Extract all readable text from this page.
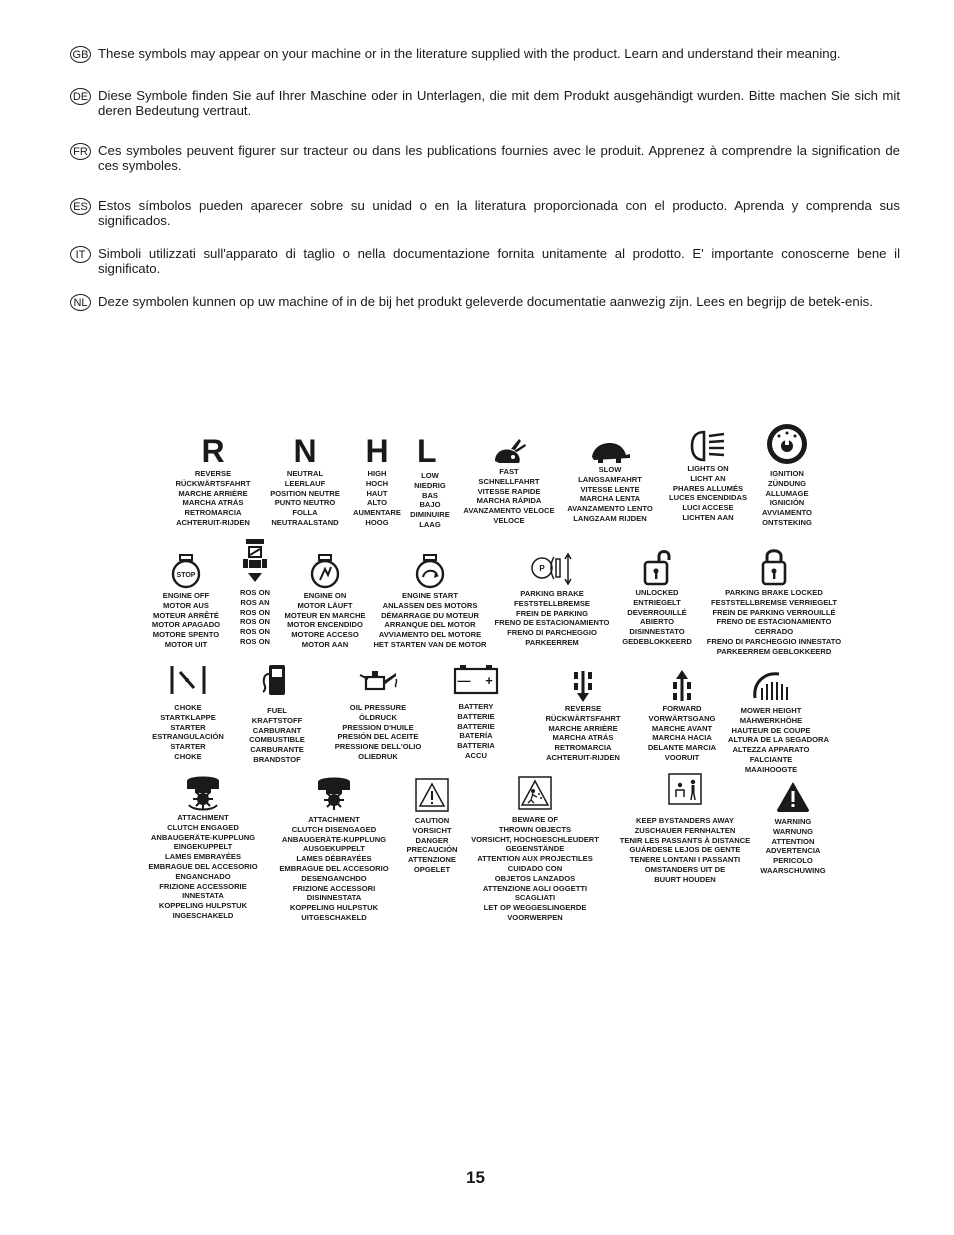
GB These symbols may appear on your machine or in the literature supplied with the product. Learn and understand their meaning.

DE Diese Symbole finden Sie auf Ihrer Maschine oder in Unterlagen, die mit dem Produkt ausgehändigt wurden. Bitte machen Sie sich mit deren Bedeutung vertraut.

FR Ces symboles peuvent figurer sur tracteur ou dans les publications fournies avec le produit. Apprenez à comprendre la signification de ces symboles.

ES Estos símbolos pueden aparecer sobre su unidad o en la literatura proporcionada con el producto. Aprenda y comprenda sus significados.

IT Simboli utilizzati sull'apparato di taglio o nella documentazione fornita unitamente al prodotto. E' importante conoscerne bene il significato.

NL Deze symbolen kunnen op uw machine of in de bij het produkt geleverde documentatie aanwezig zijn. Lees en begrijp de betek-enis.

R
REVERSE
RÜCKWÄRTSFAHRT
MARCHE ARRIÈRE
MARCHA ATRÁS
RETROMARCIA
ACHTERUIT-RIJDEN
N
NEUTRAL
LEERLAUF
POSITION NEUTRE
PUNTO NEUTRO
FOLLA
NEUTRAALSTAND
H
HIGH
HOCH
HAUT
ALTO
AUMENTARE
HOOG
L
LOW
NIEDRIG
BAS
BAJO
DIMINUIRE
LAAG
FAST
SCHNELLFAHRT
VITESSE RAPIDE
MARCHA RÁPIDA
AVANZAMENTO VELOCE
VELOCE
SLOW
LANGSAMFAHRT
VITESSE LENTE
MARCHA LENTA
AVANZAMENTO LENTO
LANGZAAM RIJDEN
LIGHTS ON
LICHT AN
PHARES ALLUMÉS
LUCES ENCENDIDAS
LUCI ACCESE
LICHTEN AAN
IGNITION
ZÜNDUNG
ALLUMAGE
IGNICIÓN
AVVIAMENTO
ONTSTEKING
STOP
ENGINE OFF
MOTOR AUS
MOTEUR ARRÊTÉ
MOTOR APAGADO
MOTORE SPENTO
MOTOR UIT
ROS ON
ROS AN
ROS ON
ROS ON
ROS ON
ROS ON
ENGINE ON
MOTOR LÄUFT
MOTEUR EN MARCHE
MOTOR ENCENDIDO
MOTORE ACCESO
MOTOR AAN
ENGINE START
ANLASSEN DES MOTORS
DÉMARRAGE DU MOTEUR
ARRANQUE DEL MOTOR
AVVIAMENTO DEL MOTORE
HET STARTEN VAN DE MOTOR
P
PARKING BRAKE
FESTSTELLBREMSE
FREIN DE PARKING
FRENO DE ESTACIONAMIENTO
FRENO DI PARCHEGGIO
PARKEERREM
UNLOCKED
ENTRIEGELT
DEVERROUILLÉ
ABIERTO
DISINNESTATO
GEDEBLOKKEERD
PARKING BRAKE LOCKED
FESTSTELLBREMSE VERRIEGELT
FREIN DE PARKING VERROUILLÉ
FRENO DE ESTACIONAMIENTO
CERRADO
FRENO DI PARCHEGGIO INNESTATO
PARKEERREM GEBLOKKEERD
CHOKE
STARTKLAPPE
STARTER
ESTRANGULACIÓN
STARTER
CHOKE
FUEL
KRAFTSTOFF
CARBURANT
COMBUSTIBLE
CARBURANTE
BRANDSTOF
OIL PRESSURE
ÖLDRUCK
PRESSION D'HUILE
PRESIÓN DEL ACEITE
PRESSIONE DELL'OLIO
OLIEDRUK
— +
BATTERY
BATTERIE
BATTERIE
BATERÍA
BATTERIA
ACCU
REVERSE
RÜCKWÄRTSFAHRT
MARCHE ARRIÈRE
MARCHA ATRÁS
RETROMARCIA
ACHTERUIT-RIJDEN
FORWARD
VORWÄRTSGANG
MARCHE AVANT
MARCHA HACIA
DELANTE MARCIA
VOORUIT
MOWER HEIGHT
MÄHWERKHÖHE
HAUTEUR DE COUPE
ALTURA DE LA SEGADORA
ALTEZZA APPARATO
FALCIANTE
MAAIHOOGTE
ATTACHMENT
CLUTCH ENGAGED
ANBAUGERÄTE-KUPPLUNG
EINGEKUPPELT
LAMES EMBRAYÉES
EMBRAGUE DEL ACCESORIO
ENGANCHADO
FRIZIONE ACCESSORIE
INNESTATA
KOPPELING HULPSTUK
INGESCHAKELD
ATTACHMENT
CLUTCH DISENGAGED
ANBAUGERÄTE-KUPPLUNG
AUSGEKUPPELT
LAMES DÉBRAYÉES
EMBRAGUE DEL ACCESORIO
DESENGANCHDO
FRIZIONE ACCESSORI
DISINNESTATA
KOPPELING HULPSTUK
UITGESCHAKELD
CAUTION
VORSICHT
DANGER
PRECAUCIÓN
ATTENZIONE
OPGELET
BEWARE OF
THROWN OBJECTS
VORSICHT, HOCHGESCHLEUDERT
GEGENSTÄNDE
ATTENTION AUX PROJECTILES
CUIDADO CON
OBJETOS LANZADOS
ATTENZIONE AGLI OGGETTI
SCAGLIATI
LET OP WEGGESLINGERDE
VOORWERPEN
KEEP BYSTANDERS AWAY
ZUSCHAUER FERNHALTEN
TENIR LES PASSANTS À DISTANCE
GUÁRDESE LEJOS DE GENTE
TENERE LONTANI I PASSANTI
OMSTANDERS UIT DE
BUURT HOUDEN
WARNING
WARNUNG
ATTENTION
ADVERTENCIA
PERICOLO
WAARSCHUWING
15
